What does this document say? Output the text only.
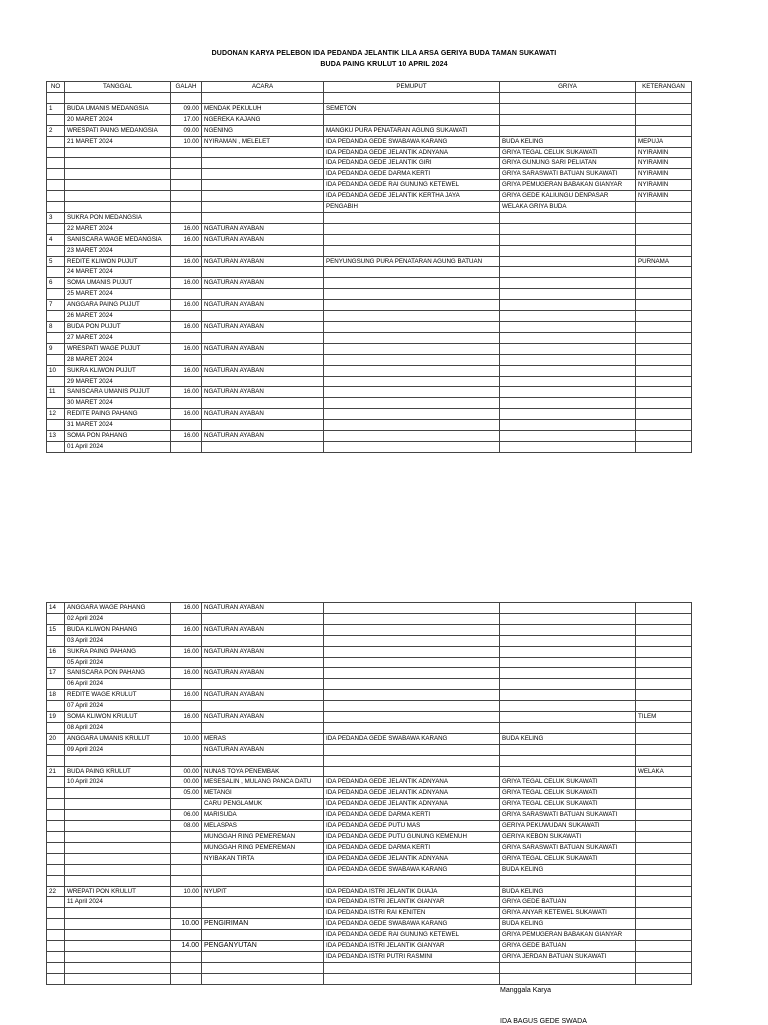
DUDONAN KARYA PELEBON IDA PEDANDA JELANTIK LILA ARSA GERIYA BUDA TAMAN SUKAWATI
BUDA PAING KRULUT 10 APRIL 2024
NO	TANGGAL	GALAH	ACARA	PEMUPUT	GRIYA	KETERANGAN

1	BUDA UMANIS MEDANGSIA	09.00	MENDAK PEKULUH	SEMETON		
	20 MARET 2024	17.00	NGEREKA KAJANG			
2	WRESPATI PAING MEDANGSIA	09.00	NGENING	MANGKU PURA PENATARAN AGUNG SUKAWATI		
	21 MARET 2024	10.00	NYIRAMAN , MELELET	IDA PEDANDA GEDE SWABAWA KARANG	BUDA KELING	MEPUJA
				IDA PEDANDA GEDE JELANTIK ADNYANA	GRIYA TEGAL CELUK SUKAWATI	NYIRAMIN
				IDA PEDANDA GEDE JELANTIK GIRI	GRIYA GUNUNG SARI PELIATAN	NYIRAMIN
				IDA PEDANDA GEDE DARMA KERTI	GRIYA SARASWATI BATUAN SUKAWATI	NYIRAMIN
				IDA PEDANDA GEDE RAI GUNUNG KETEWEL	GRIYA PEMUGERAN BABAKAN GIANYAR	NYIRAMIN
				IDA PEDANDA GEDE JELANTIK KERTHA JAYA	GRIYA GEDE KALIUNGU DENPASAR	NYIRAMIN
				PENGABIH	WELAKA GRIYA BUDA	
3	SUKRA PON MEDANGSIA					
	22 MARET 2024	16.00	NGATURAN AYABAN			
4	SANISCARA WAGE MEDANGSIA	16.00	NGATURAN AYABAN			
	23 MARET 2024					
5	REDITE KLIWON PUJUT	16.00	NGATURAN AYABAN	PENYUNGSUNG PURA PENATARAN AGUNG BATUAN		PURNAMA
	24 MARET 2024					
6	SOMA UMANIS PUJUT	16.00	NGATURAN AYABAN			
	25 MARET 2024					
7	ANGGARA PAING PUJUT	16.00	NGATURAN AYABAN			
	26 MARET 2024					
8	BUDA PON PUJUT	16.00	NGATURAN AYABAN			
	27 MARET 2024					
9	WRESPATI WAGE PUJUT	16.00	NGATURAN AYABAN			
	28 MARET 2024					
10	SUKRA KLIWON PUJUT	16.00	NGATURAN AYABAN			
	29 MARET 2024					
11	SANISCARA UMANIS PUJUT	16.00	NGATURAN AYABAN			
	30 MARET 2024					
12	REDITE PAING PAHANG	16.00	NGATURAN AYABAN			
	31 MARET 2024					
13	SOMA PON PAHANG	16.00	NGATURAN AYABAN			
	01 April 2024					
14	ANGGARA WAGE PAHANG	16.00	NGATURAN AYABAN			
	02 April 2024					
15	BUDA KLIWON PAHANG	16.00	NGATURAN AYABAN			
	03 April 2024					
16	SUKRA PAING PAHANG	16.00	NGATURAN AYABAN			
	05 April 2024					
17	SANISCARA PON PAHANG	16.00	NGATURAN AYABAN			
	06 April 2024					
18	REDITE WAGE KRULUT	16.00	NGATURAN AYABAN			
	07 April 2024					
19	SOMA KLIWON KRULUT	16.00	NGATURAN AYABAN			TILEM
	08 April 2024					
20	ANGGARA UMANIS KRULUT	10.00	MERAS	IDA PEDANDA GEDE SWABAWA KARANG	BUDA KELING	
	09 April 2024		NGATURAN AYABAN			

21	BUDA PAING KRULUT	00.00	NUNAS TOYA PENEMBAK			WELAKA
	10 April 2024	00.00	MESESALIN , MULANG PANCA DATU	IDA PEDANDA GEDE JELANTIK ADNYANA	GRIYA TEGAL CELUK SUKAWATI	
		05.00	METANGI	IDA PEDANDA GEDE JELANTIK ADNYANA	GRIYA TEGAL CELUK SUKAWATI	
			CARU PENGLAMUK	IDA PEDANDA GEDE JELANTIK ADNYANA	GRIYA TEGAL CELUK SUKAWATI	
		06.00	MARISUDA	IDA PEDANDA GEDE DARMA KERTI	GRIYA SARASWATI BATUAN SUKAWATI	
		08.00	MELASPAS	IDA PEDANDA GEDE PUTU MAS	GERIYA PEKUWUDAN SUKAWATI	
			MUNGGAH RING PEMEREMAN	IDA PEDANDA GEDE PUTU GUNUNG KEMENUH	GERIYA KEBON SUKAWATI	
			MUNGGAH RING PEMEREMAN	IDA PEDANDA GEDE DARMA KERTI	GRIYA SARASWATI BATUAN SUKAWATI	
			NYIBAKAN TIRTA	IDA PEDANDA GEDE JELANTIK ADNYANA	GRIYA TEGAL CELUK SUKAWATI	
				IDA PEDANDA GEDE SWABAWA KARANG	BUDA KELING	

22	WREPATI PON KRULUT	10.00	NYUPIT	IDA PEDANDA ISTRI JELANTIK DUAJA	BUDA KELING	
	11 April 2024			IDA PEDANDA ISTRI JELANTIK GIANYAR	GRIYA GEDE BATUAN	
				IDA PEDANDA ISTRI RAI KENITEN	GRIYA ANYAR KETEWEL SUKAWATI	
		10.00	PENGIRIMAN	IDA PEDANDA GEDE SWABAWA KARANG	BUDA KELING	
				IDA PEDANDA GEDE RAI GUNUNG KETEWEL	GRIYA PEMUGERAN BABAKAN GIANYAR	
		14.00	PENGANYUTAN	IDA PEDANDA ISTRI JELANTIK GIANYAR	GRIYA GEDE BATUAN	
				IDA PEDANDA ISTRI PUTRI RASMINI	GRIYA JERDAN BATUAN SUKAWATI	

Manggala Karya
IDA BAGUS GEDE SWADA
